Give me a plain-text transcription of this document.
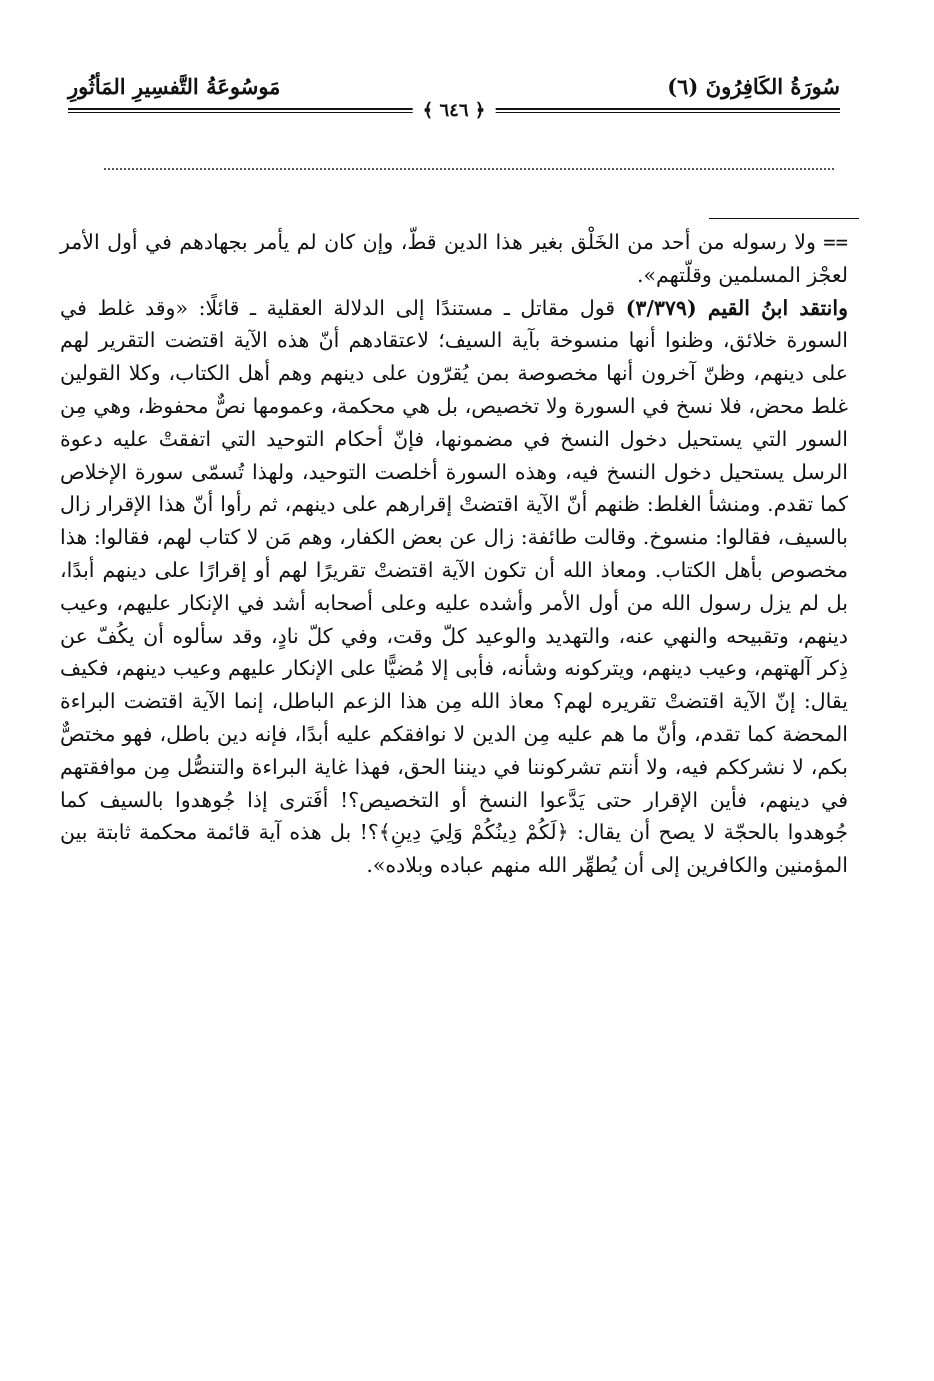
سُورَةُ الكَافِرُونَ (٦)
مَوسُوعَةُ التَّفسِيرِ المَأثُورِ
﴾ ٦٤٦ ﴿

== ولا رسوله من أحد من الخَلْق بغير هذا الدين قطّ، وإن كان لم يأمر بجهادهم في أول الأمر لعجْز المسلمين وقلّتهم».

وانتقد ابنُ القيم (٣/٣٧٩) قول مقاتل ـ مستندًا إلى الدلالة العقلية ـ قائلًا: «وقد غلط في السورة خلائق، وظنوا أنها منسوخة بآية السيف؛ لاعتقادهم أنّ هذه الآية اقتضت التقرير لهم على دينهم، وظنّ آخرون أنها مخصوصة بمن يُقرّون على دينهم وهم أهل الكتاب، وكلا القولين غلط محض، فلا نسخ في السورة ولا تخصيص، بل هي محكمة، وعمومها نصٌّ محفوظ، وهي مِن السور التي يستحيل دخول النسخ في مضمونها، فإنّ أحكام التوحيد التي اتفقتْ عليه دعوة الرسل يستحيل دخول النسخ فيه، وهذه السورة أخلصت التوحيد، ولهذا تُسمّى سورة الإخلاص كما تقدم. ومنشأ الغلط: ظنهم أنّ الآية اقتضتْ إقرارهم على دينهم، ثم رأوا أنّ هذا الإقرار زال بالسيف، فقالوا: منسوخ. وقالت طائفة: زال عن بعض الكفار، وهم مَن لا كتاب لهم، فقالوا: هذا مخصوص بأهل الكتاب. ومعاذ الله أن تكون الآية اقتضتْ تقريرًا لهم أو إقرارًا على دينهم أبدًا، بل لم يزل رسول الله من أول الأمر وأشده عليه وعلى أصحابه أشد في الإنكار عليهم، وعيب دينهم، وتقبيحه والنهي عنه، والتهديد والوعيد كلّ وقت، وفي كلّ نادٍ، وقد سألوه أن يكُفّ عن ذِكر آلهتهم، وعيب دينهم، ويتركونه وشأنه، فأبى إلا مُضيًّا على الإنكار عليهم وعيب دينهم، فكيف يقال: إنّ الآية اقتضتْ تقريره لهم؟ معاذ الله مِن هذا الزعم الباطل، إنما الآية اقتضت البراءة المحضة كما تقدم، وأنّ ما هم عليه مِن الدين لا نوافقكم عليه أبدًا، فإنه دين باطل، فهو مختصٌّ بكم، لا نشرككم فيه، ولا أنتم تشركوننا في ديننا الحق، فهذا غاية البراءة والتنصُّل مِن موافقتهم في دينهم، فأين الإقرار حتى يَدَّعوا النسخ أو التخصيص؟! أفَترى إذا جُوهدوا بالسيف كما جُوهدوا بالحجّة لا يصح أن يقال: ﴿لَكُمْ دِينُكُمْ وَلِيَ دِينِ﴾؟! بل هذه آية قائمة محكمة ثابتة بين المؤمنين والكافرين إلى أن يُطهِّر الله منهم عباده وبلاده».
